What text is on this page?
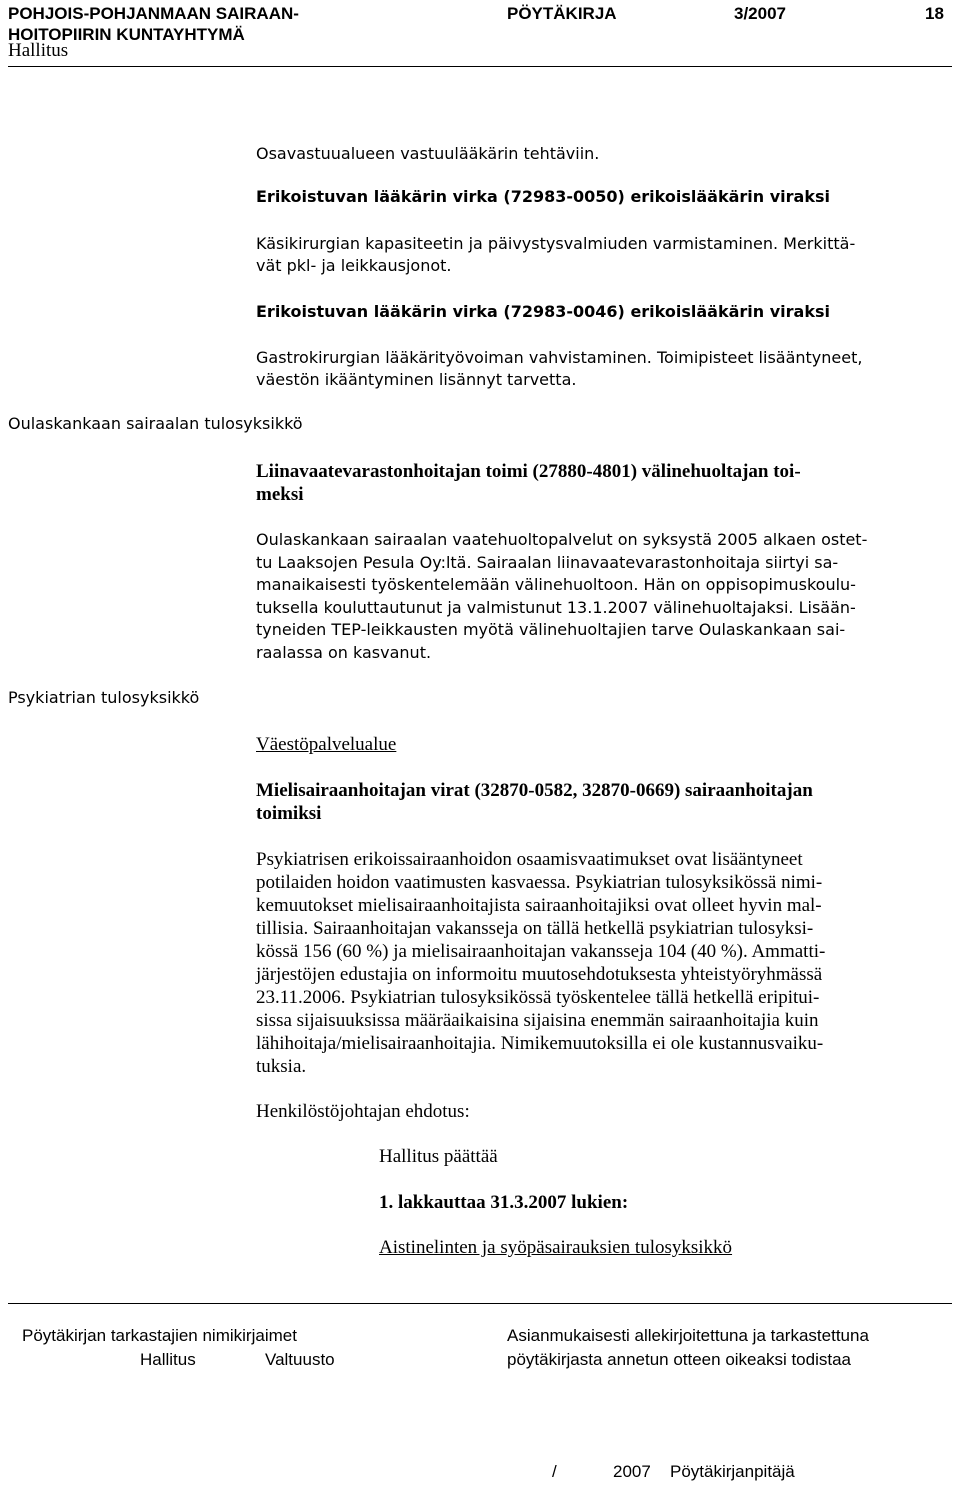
POHJOIS-POHJANMAAN SAIRAAN-
HOITOPIIRIN KUNTAYHTYMÄ
PÖYTÄKIRJA	3/2007	18
Hallitus
Oulaskankaan sairaalan tulosyksikkö
Psykiatrian tulosyksikkö
Osavastuualueen vastuulääkärin tehtäviin.
Erikoistuvan lääkärin virka (72983-0050) erikoislääkärin viraksi
Käsikirurgian kapasiteetin ja päivystysvalmiuden varmistaminen. Merkittä-
vät pkl- ja leikkausjonot.
Erikoistuvan lääkärin virka (72983-0046) erikoislääkärin viraksi
Gastrokirurgian lääkärityövoiman vahvistaminen. Toimipisteet lisääntyneet,
väestön ikääntyminen lisännyt tarvetta.
Liinavaatevarastonhoitajan toimi (27880-4801) välinehuoltajan toi-
meksi
Oulaskankaan sairaalan vaatehuoltopalvelut on syksystä 2005 alkaen ostet-
tu Laaksojen Pesula Oy:ltä. Sairaalan liinavaatevarastonhoitaja siirtyi sa-
manaikaisesti työskentelemään välinehuoltoon. Hän on oppisopimuskoulu-
tuksella kouluttautunut ja valmistunut 13.1.2007 välinehuoltajaksi. Lisään-
tyneiden TEP-leikkausten myötä välinehuoltajien tarve Oulaskankaan sai-
raalassa on kasvanut.
Väestöpalvelualue
Mielisairaanhoitajan virat (32870-0582, 32870-0669) sairaanhoitajan
toimiksi
Psykiatrisen erikoissairaanhoidon osaamisvaatimukset ovat lisääntyneet
potilaiden hoidon vaatimusten kasvaessa. Psykiatrian tulosyksikössä nimi-
kemuutokset mielisairaanhoitajista sairaanhoitajiksi ovat olleet hyvin mal-
tillisia. Sairaanhoitajan vakansseja on tällä hetkellä psykiatrian tulosyksi-
kössä 156 (60 %) ja mielisairaanhoitajan vakansseja 104 (40 %). Ammatti-
järjestöjen edustajia on informoitu muutosehdotuksesta yhteistyöryhmässä
23.11.2006. Psykiatrian tulosyksikössä työskentelee tällä hetkellä eripitui-
sissa sijaisuuksissa määräaikaisina sijaisina enemmän sairaanhoitajia kuin
lähihoitaja/mielisairaanhoitajia. Nimikemuutoksilla ei ole kustannusvaiku-
tuksia.
Henkilöstöjohtajan ehdotus:
Hallitus päättää
1. lakkauttaa 31.3.2007 lukien:
Aistinelinten ja syöpäsairauksien tulosyksikkö
Pöytäkirjan tarkastajien nimikirjaimet
Hallitus	Valtuusto
Asianmukaisesti allekirjoitettuna ja tarkastettuna
pöytäkirjasta annetun otteen oikeaksi todistaa
/	2007 Pöytäkirjanpitäjä
